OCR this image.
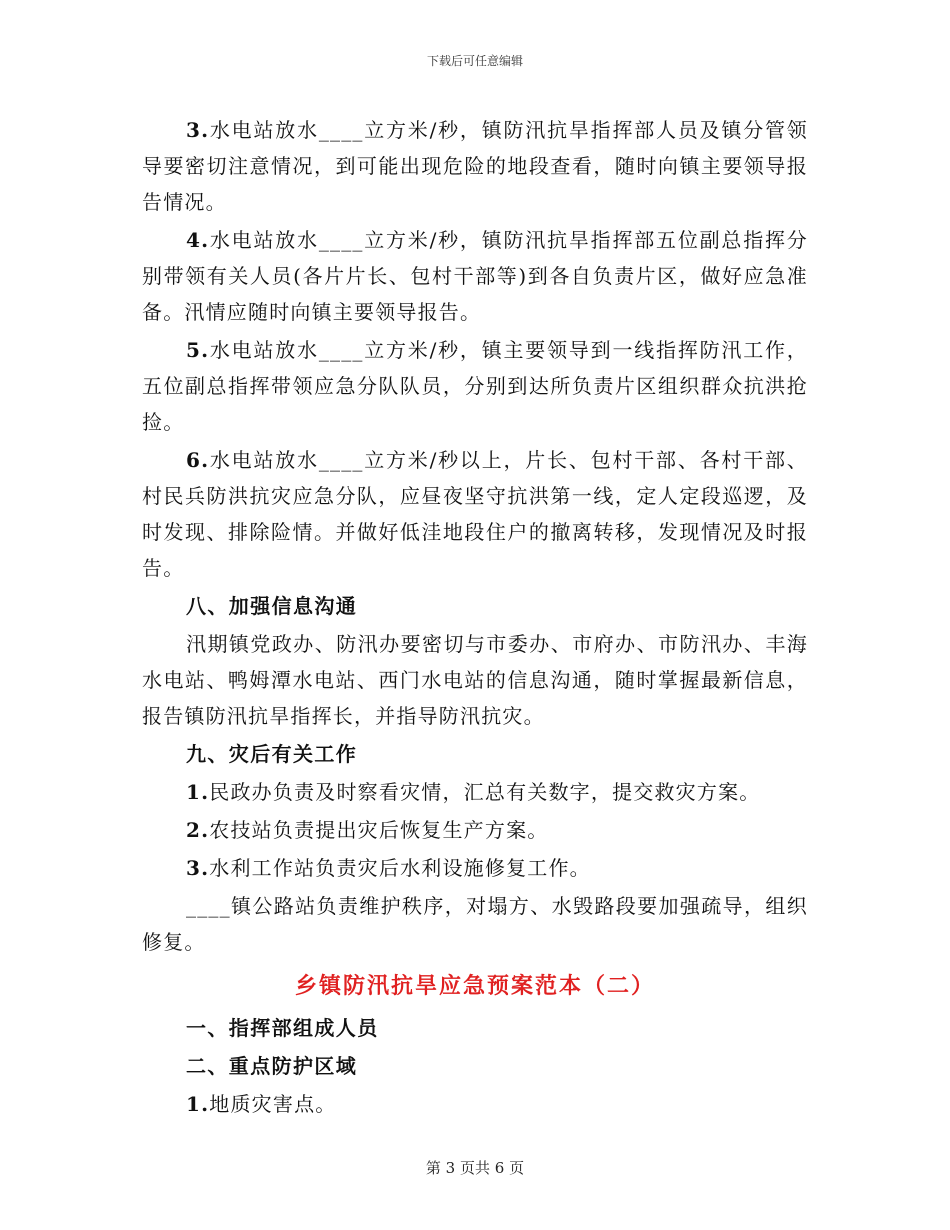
下载后可任意编辑

3.水电站放水____立方米/秒，镇防汛抗旱指挥部人员及镇分管领导要密切注意情况，到可能出现危险的地段查看，随时向镇主要领导报告情况。

4.水电站放水____立方米/秒，镇防汛抗旱指挥部五位副总指挥分别带领有关人员(各片片长、包村干部等)到各自负责片区，做好应急准备。汛情应随时向镇主要领导报告。

5.水电站放水____立方米/秒，镇主要领导到一线指挥防汛工作，五位副总指挥带领应急分队队员，分别到达所负责片区组织群众抗洪抢捡。

6.水电站放水____立方米/秒以上，片长、包村干部、各村干部、村民兵防洪抗灾应急分队，应昼夜坚守抗洪第一线，定人定段巡逻，及时发现、排除险情。并做好低洼地段住户的撤离转移，发现情况及时报告。

八、加强信息沟通

汛期镇党政办、防汛办要密切与市委办、市府办、市防汛办、丰海水电站、鸭姆潭水电站、西门水电站的信息沟通，随时掌握最新信息，报告镇防汛抗旱指挥长，并指导防汛抗灾。

九、灾后有关工作

1.民政办负责及时察看灾情，汇总有关数字，提交救灾方案。

2.农技站负责提出灾后恢复生产方案。

3.水利工作站负责灾后水利设施修复工作。

____镇公路站负责维护秩序，对塌方、水毁路段要加强疏导，组织修复。

乡镇防汛抗旱应急预案范本（二）

一、指挥部组成人员

二、重点防护区域

1.地质灾害点。

第 3 页共 6 页
